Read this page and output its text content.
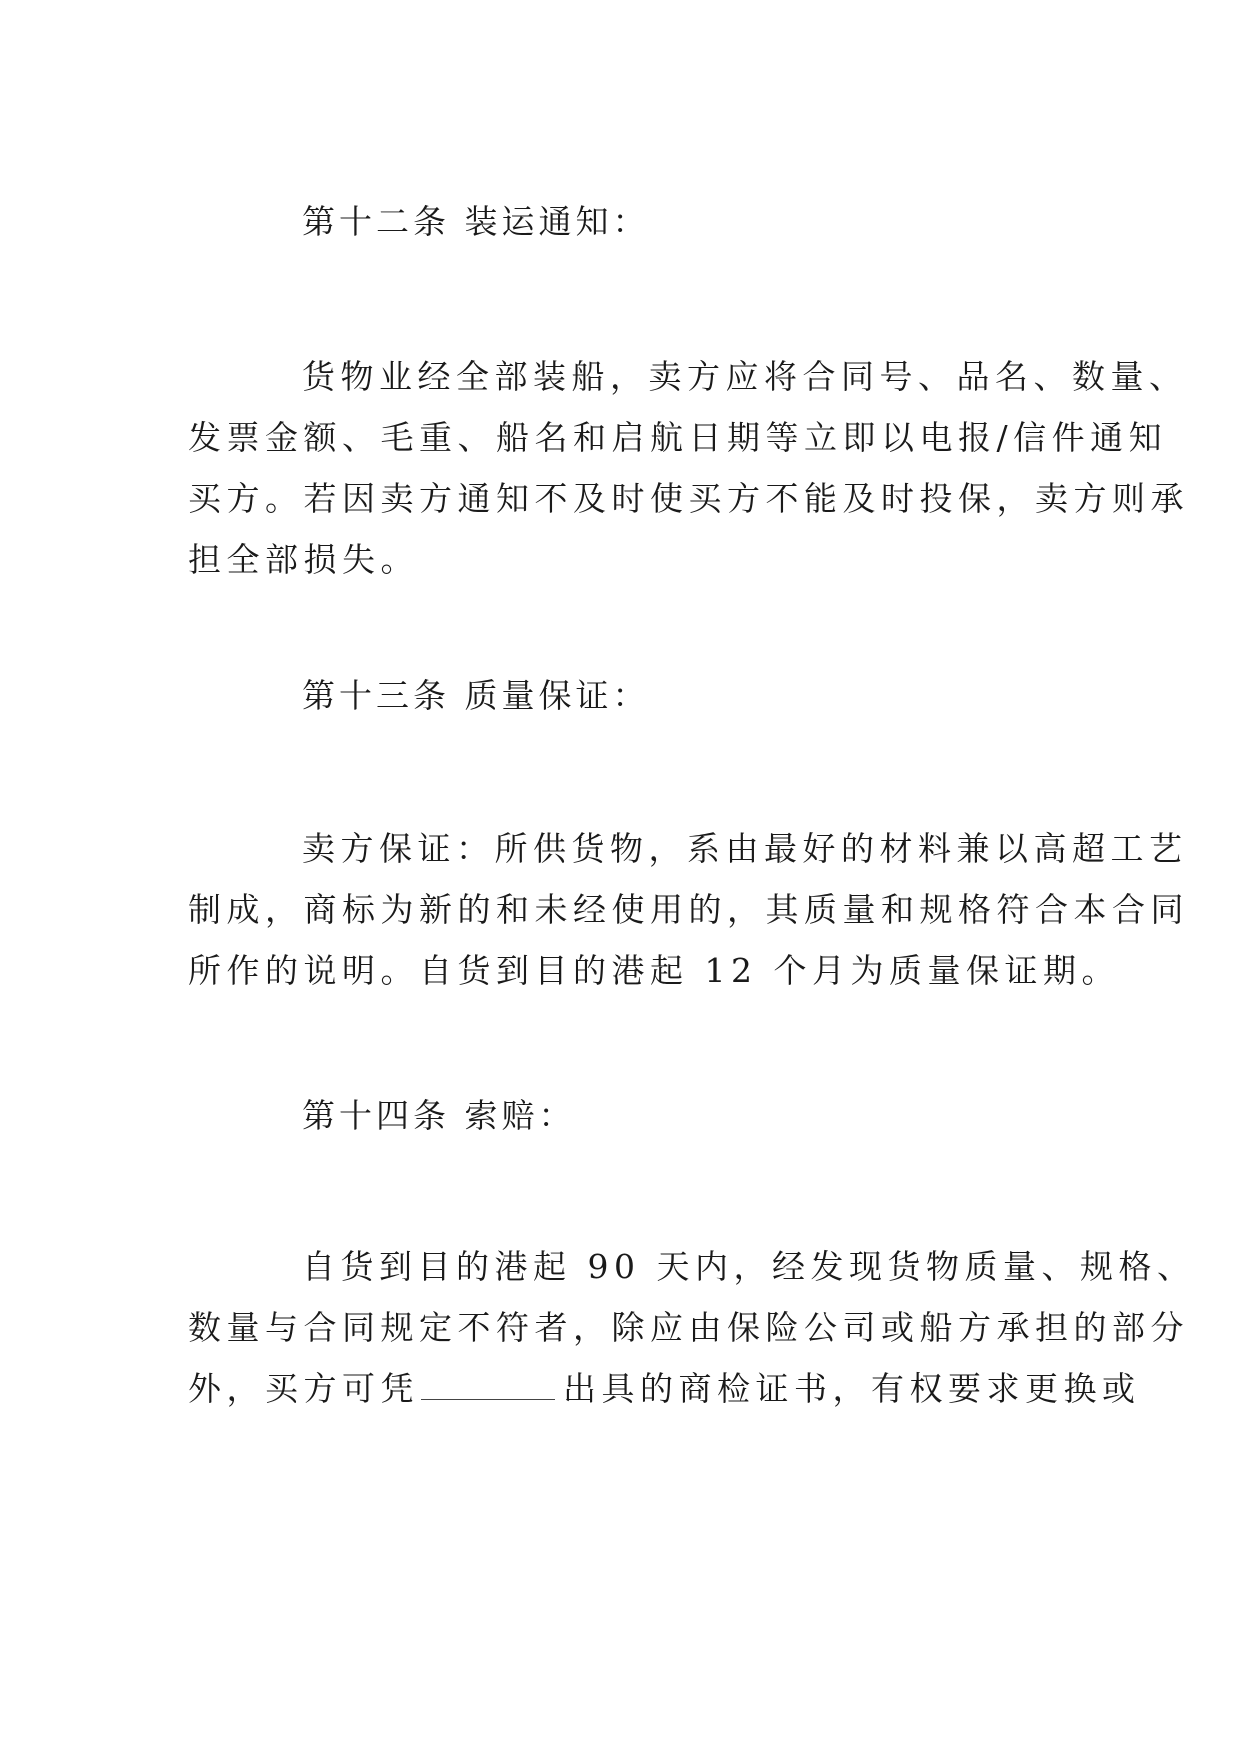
第十二条 装运通知：
货物业经全部装船，卖方应将合同号、品名、数量、
发票金额、毛重、船名和启航日期等立即以电报/信件通知
买方。若因卖方通知不及时使买方不能及时投保，卖方则承
担全部损失。
第十三条 质量保证：
卖方保证：所供货物，系由最好的材料兼以高超工艺
制成，商标为新的和未经使用的，其质量和规格符合本合同
所作的说明。自货到目的港起 12 个月为质量保证期。
第十四条 索赔：
自货到目的港起 90 天内，经发现货物质量、规格、
数量与合同规定不符者，除应由保险公司或船方承担的部分
外，买方可凭	出具的商检证书，有权要求更换或
